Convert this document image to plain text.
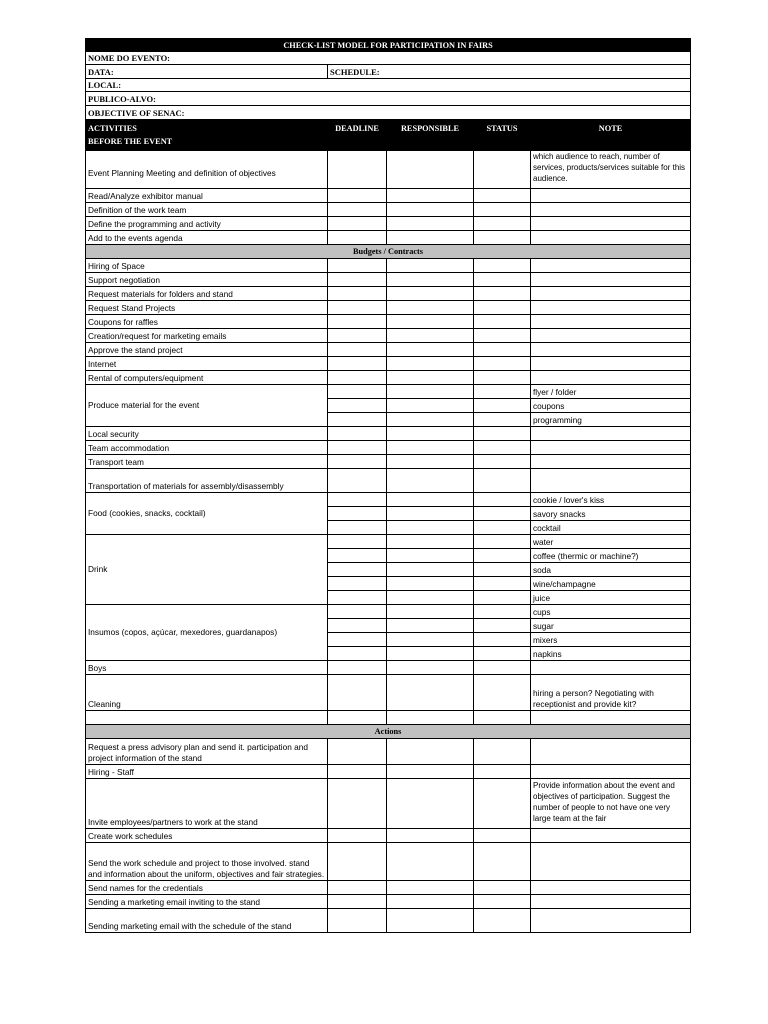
CHECK-LIST MODEL FOR PARTICIPATION IN FAIRS				
NOME DO EVENTO:				
DATA:	SCHEDULE:			
LOCAL:				
PUBLICO-ALVO:				
OBJECTIVE OF SENAC:				

ACTIVITIES
BEFORE THE EVENT	DEADLINE	RESPONSIBLE	STATUS	NOTE
Event Planning Meeting and definition of objectives				which audience to reach, number of services, products/services suitable for this audience.
Read/Analyze exhibitor manual				
Definition of the work team				
Define the programming and activity				
Add to the events agenda				
Budgets / Contracts				
Hiring of Space				
Support negotiation				
Request materials for folders and stand				
Request Stand Projects				
Coupons for raffles				
Creation/request for marketing emails				
Approve the stand project				
Internet				
Rental of computers/equipment				
Produce material for the event				flyer / folder
				coupons
				programming
Local security				
Team accommodation				
Transport team				
Transportation of materials for assembly/disassembly				
Food (cookies, snacks, cocktail)				cookie / lover's kiss
				savory snacks
				cocktail
Drink				water
				coffee (thermic or machine?)
				soda
				wine/champagne
				juice
Insumos (copos, açúcar, mexedores, guardanapos)				cups
				sugar
				mixers
				napkins
Boys				
Cleaning				hiring a person? Negotiating with receptionist and provide kit?

Actions				
Request a press advisory plan and send it. participation and project information of the stand				
Hiring - Staff				
Invite employees/partners to work at the stand				Provide information about the event and objectives of participation. Suggest the number of people to not have one very large team at the fair
Create work schedules				
Send the work schedule and project to those involved. stand and information about the uniform, objectives and fair strategies.				
Send names for the credentials				
Sending a marketing email inviting to the stand				
Sending marketing email with the schedule of the stand				
